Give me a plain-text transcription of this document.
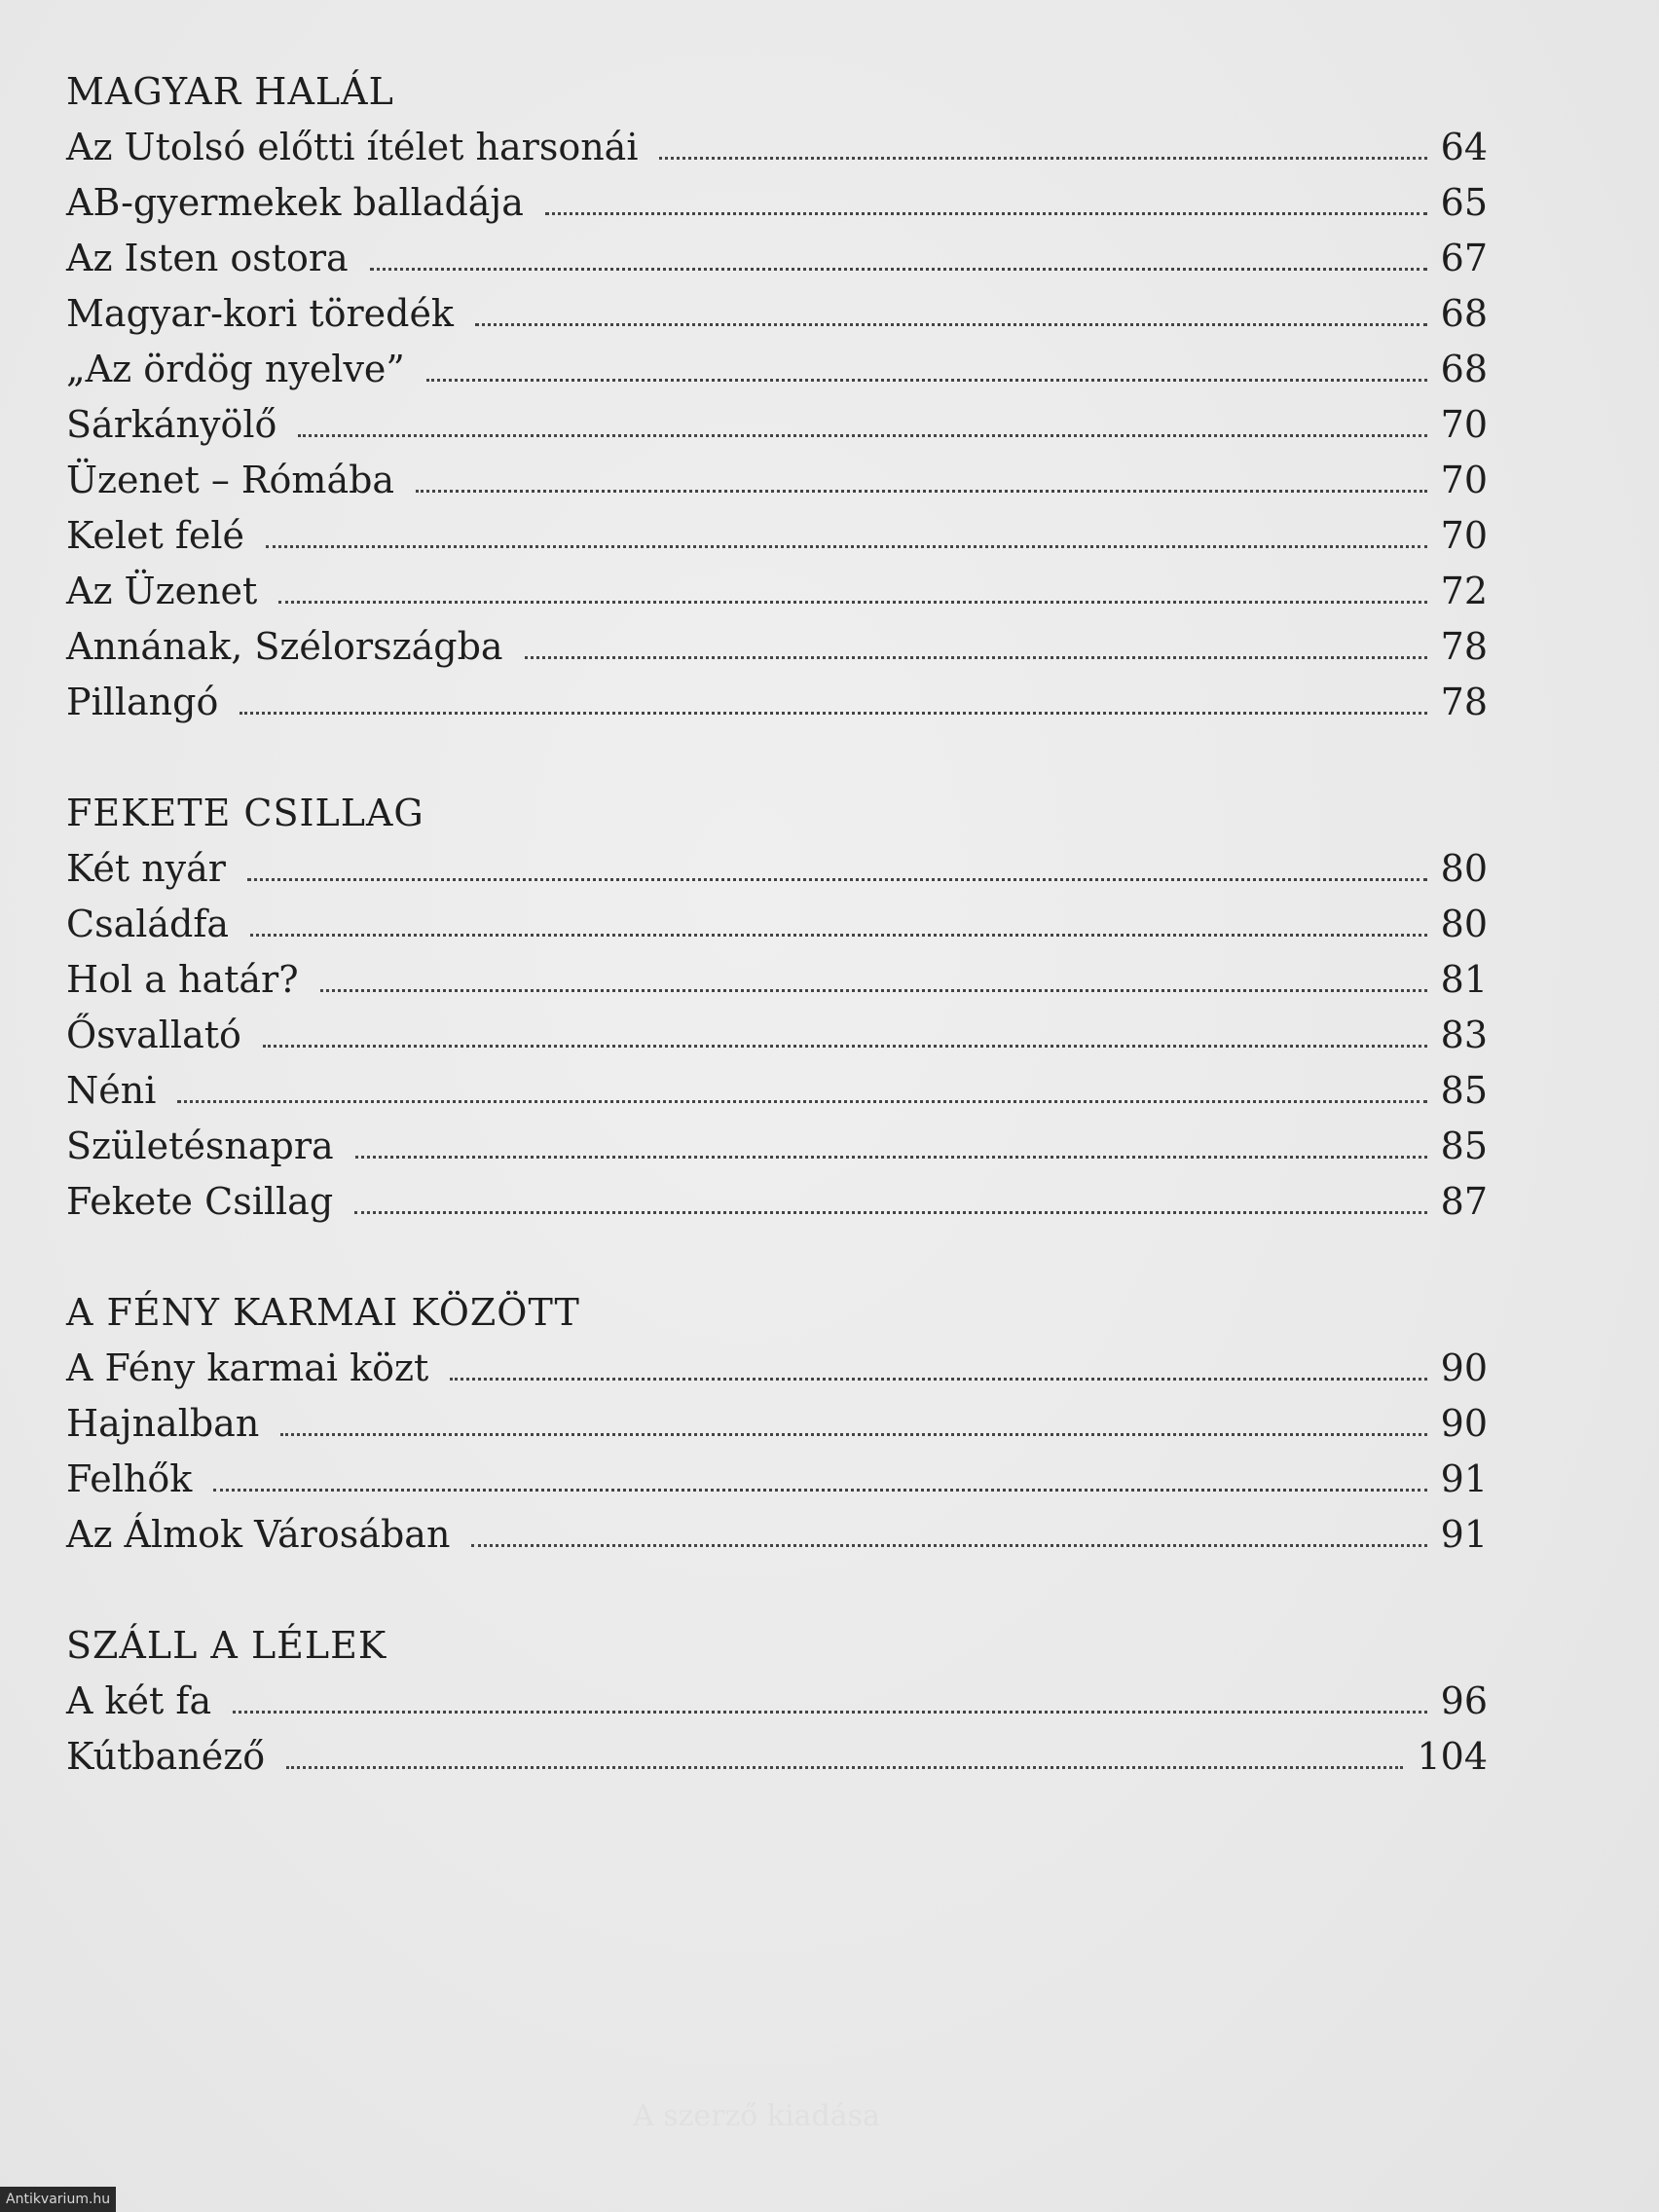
MAGYAR HALÁL
Az Utolsó előtti ítélet harsonái	64
AB-gyermekek balladája	65
Az Isten ostora	67
Magyar-kori töredék	68
„Az ördög nyelve”	68
Sárkányölő	70
Üzenet – Rómába	70
Kelet felé	70
Az Üzenet	72
Annának, Szélországba	78
Pillangó	78
FEKETE CSILLAG
Két nyár	80
Családfa	80
Hol a határ?	81
Ősvallató	83
Néni	85
Születésnapra	85
Fekete Csillag	87
A FÉNY KARMAI KÖZÖTT
A Fény karmai közt	90
Hajnalban	90
Felhők	91
Az Álmok Városában	91
SZÁLL A LÉLEK
A két fa	96
Kútbanéző	104
A szerző kiadása
Antikvarium.hu
